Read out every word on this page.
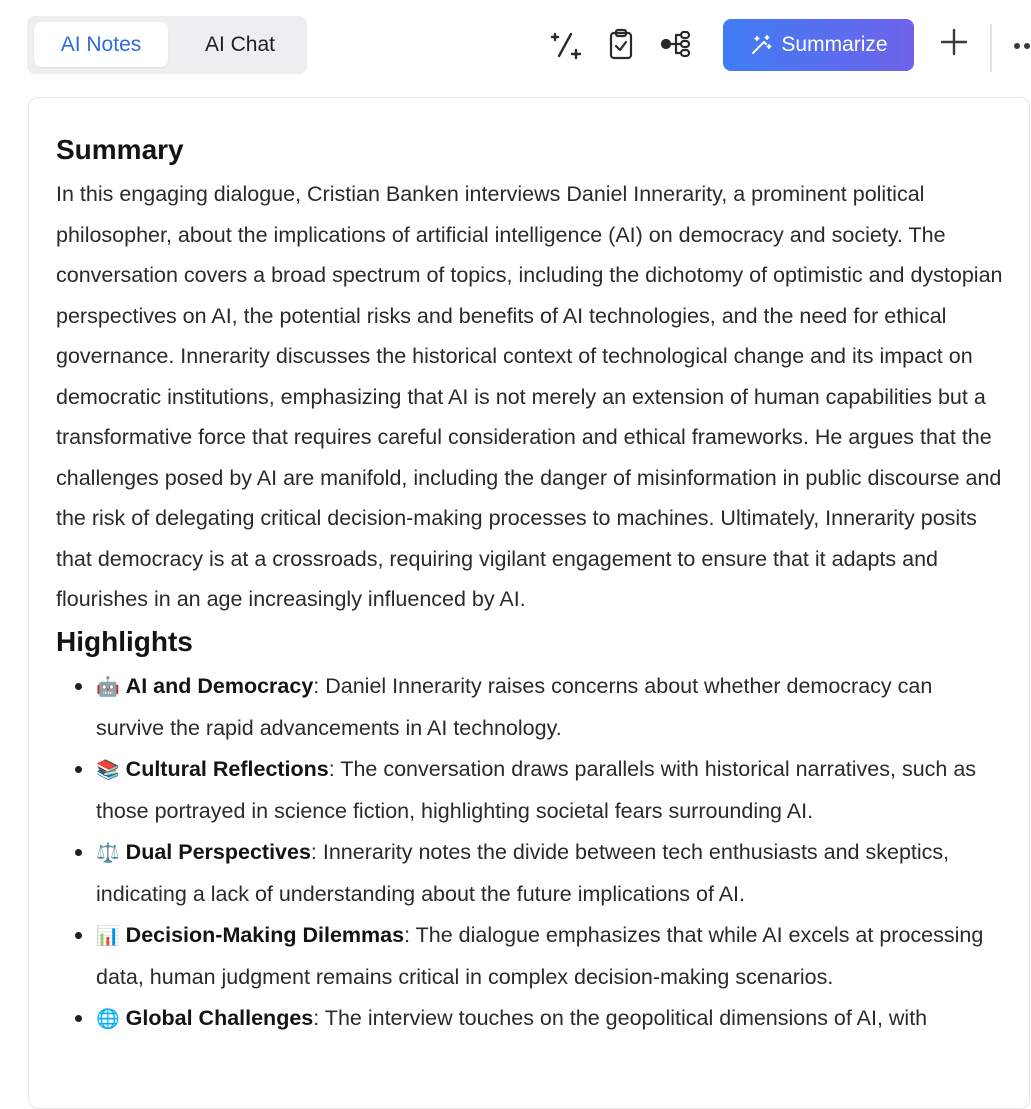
AI Notes	AI Chat	Summarize
Summary

In this engaging dialogue, Cristian Banken interviews Daniel Innerarity, a prominent political philosopher, about the implications of artificial intelligence (AI) on democracy and society. The conversation covers a broad spectrum of topics, including the dichotomy of optimistic and dystopian perspectives on AI, the potential risks and benefits of AI technologies, and the need for ethical governance. Innerarity discusses the historical context of technological change and its impact on democratic institutions, emphasizing that AI is not merely an extension of human capabilities but a transformative force that requires careful consideration and ethical frameworks. He argues that the challenges posed by AI are manifold, including the danger of misinformation in public discourse and the risk of delegating critical decision-making processes to machines. Ultimately, Innerarity posits that democracy is at a crossroads, requiring vigilant engagement to ensure that it adapts and flourishes in an age increasingly influenced by AI.

Highlights
🤖 AI and Democracy: Daniel Innerarity raises concerns about whether democracy can survive the rapid advancements in AI technology.
📚 Cultural Reflections: The conversation draws parallels with historical narratives, such as those portrayed in science fiction, highlighting societal fears surrounding AI.
⚖️ Dual Perspectives: Innerarity notes the divide between tech enthusiasts and skeptics, indicating a lack of understanding about the future implications of AI.
📊 Decision-Making Dilemmas: The dialogue emphasizes that while AI excels at processing data, human judgment remains critical in complex decision-making scenarios.
🌐 Global Challenges: The interview touches on the geopolitical dimensions of AI, with
